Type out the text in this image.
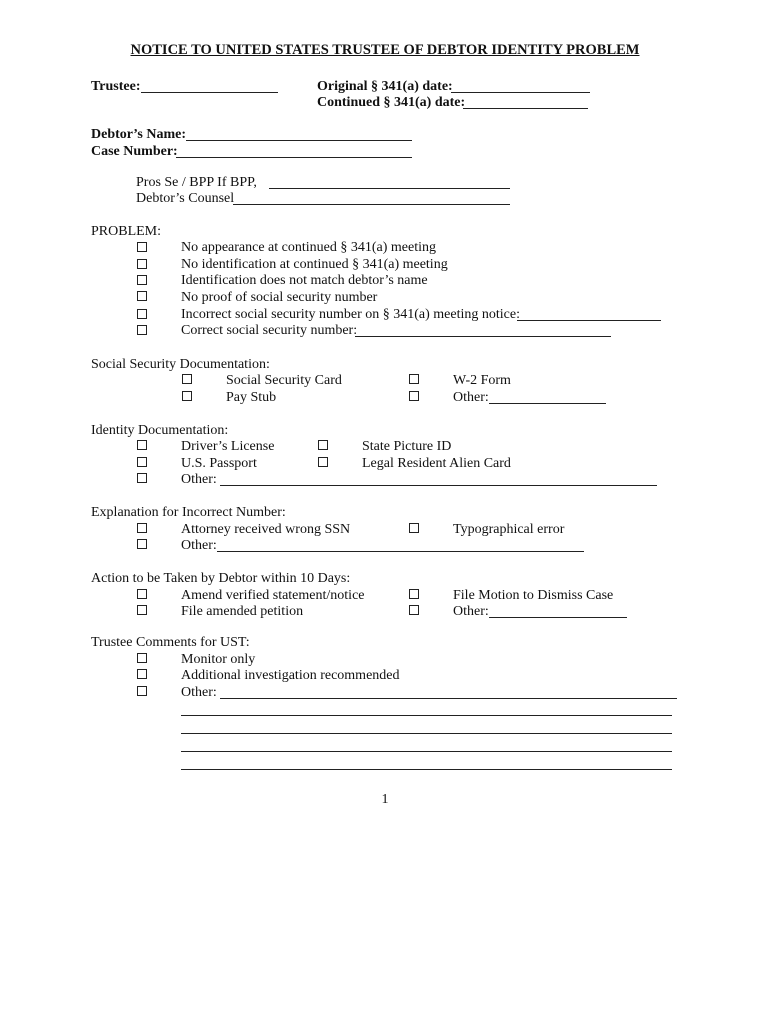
NOTICE TO UNITED STATES TRUSTEE OF DEBTOR IDENTITY PROBLEM
Trustee:	Original § 341(a) date:
Continued § 341(a) date:
Debtor’s Name:
Case Number:
Pros Se / BPP If BPP,
Debtor’s Counsel
PROBLEM:
No appearance at continued § 341(a) meeting
No identification at continued § 341(a) meeting
Identification does not match debtor’s name
No proof of social security number
Incorrect social security number on § 341(a) meeting notice:
Correct social security number:
Social Security Documentation:
Social Security Card
Pay Stub
W-2 Form
Other:
Identity Documentation:
Driver’s License
U.S. Passport
State Picture ID
Legal Resident Alien Card
Other:
Explanation for Incorrect Number:
Attorney received wrong SSN
Other:
Typographical error
Action to be Taken by Debtor within 10 Days:
Amend verified statement/notice
File amended petition
File Motion to Dismiss Case
Other:
Trustee Comments for UST:
Monitor only
Additional investigation recommended
Other:
1
